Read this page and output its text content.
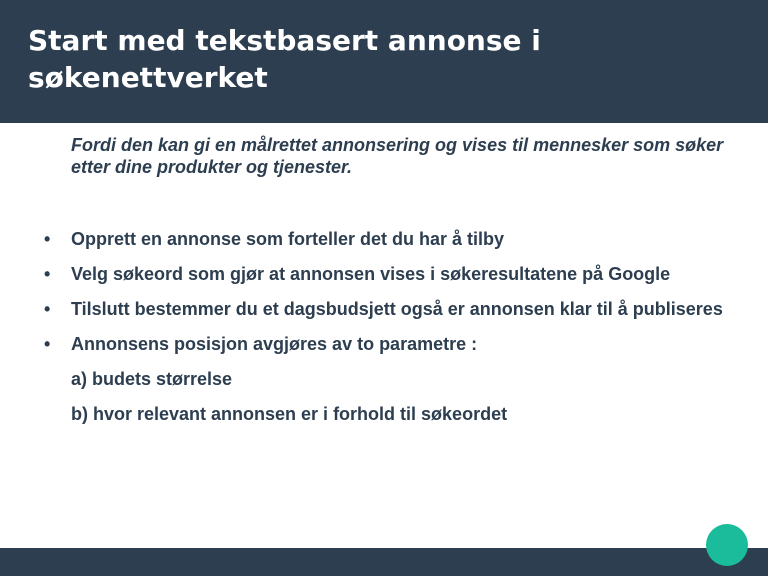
Start med tekstbasert annonse i søkenettverket

Fordi den kan gi en målrettet annonsering og vises til mennesker som søker etter dine produkter og tjenester.

• Opprett en annonse som forteller det du har å tilby
• Velg søkeord som gjør at annonsen vises i søkeresultatene på Google
• Tilslutt bestemmer du et dagsbudsjett også er annonsen klar til å publiseres
• Annonsens posisjon avgjøres av to parametre :
a) budets størrelse
b) hvor relevant annonsen er i forhold til søkeordet
